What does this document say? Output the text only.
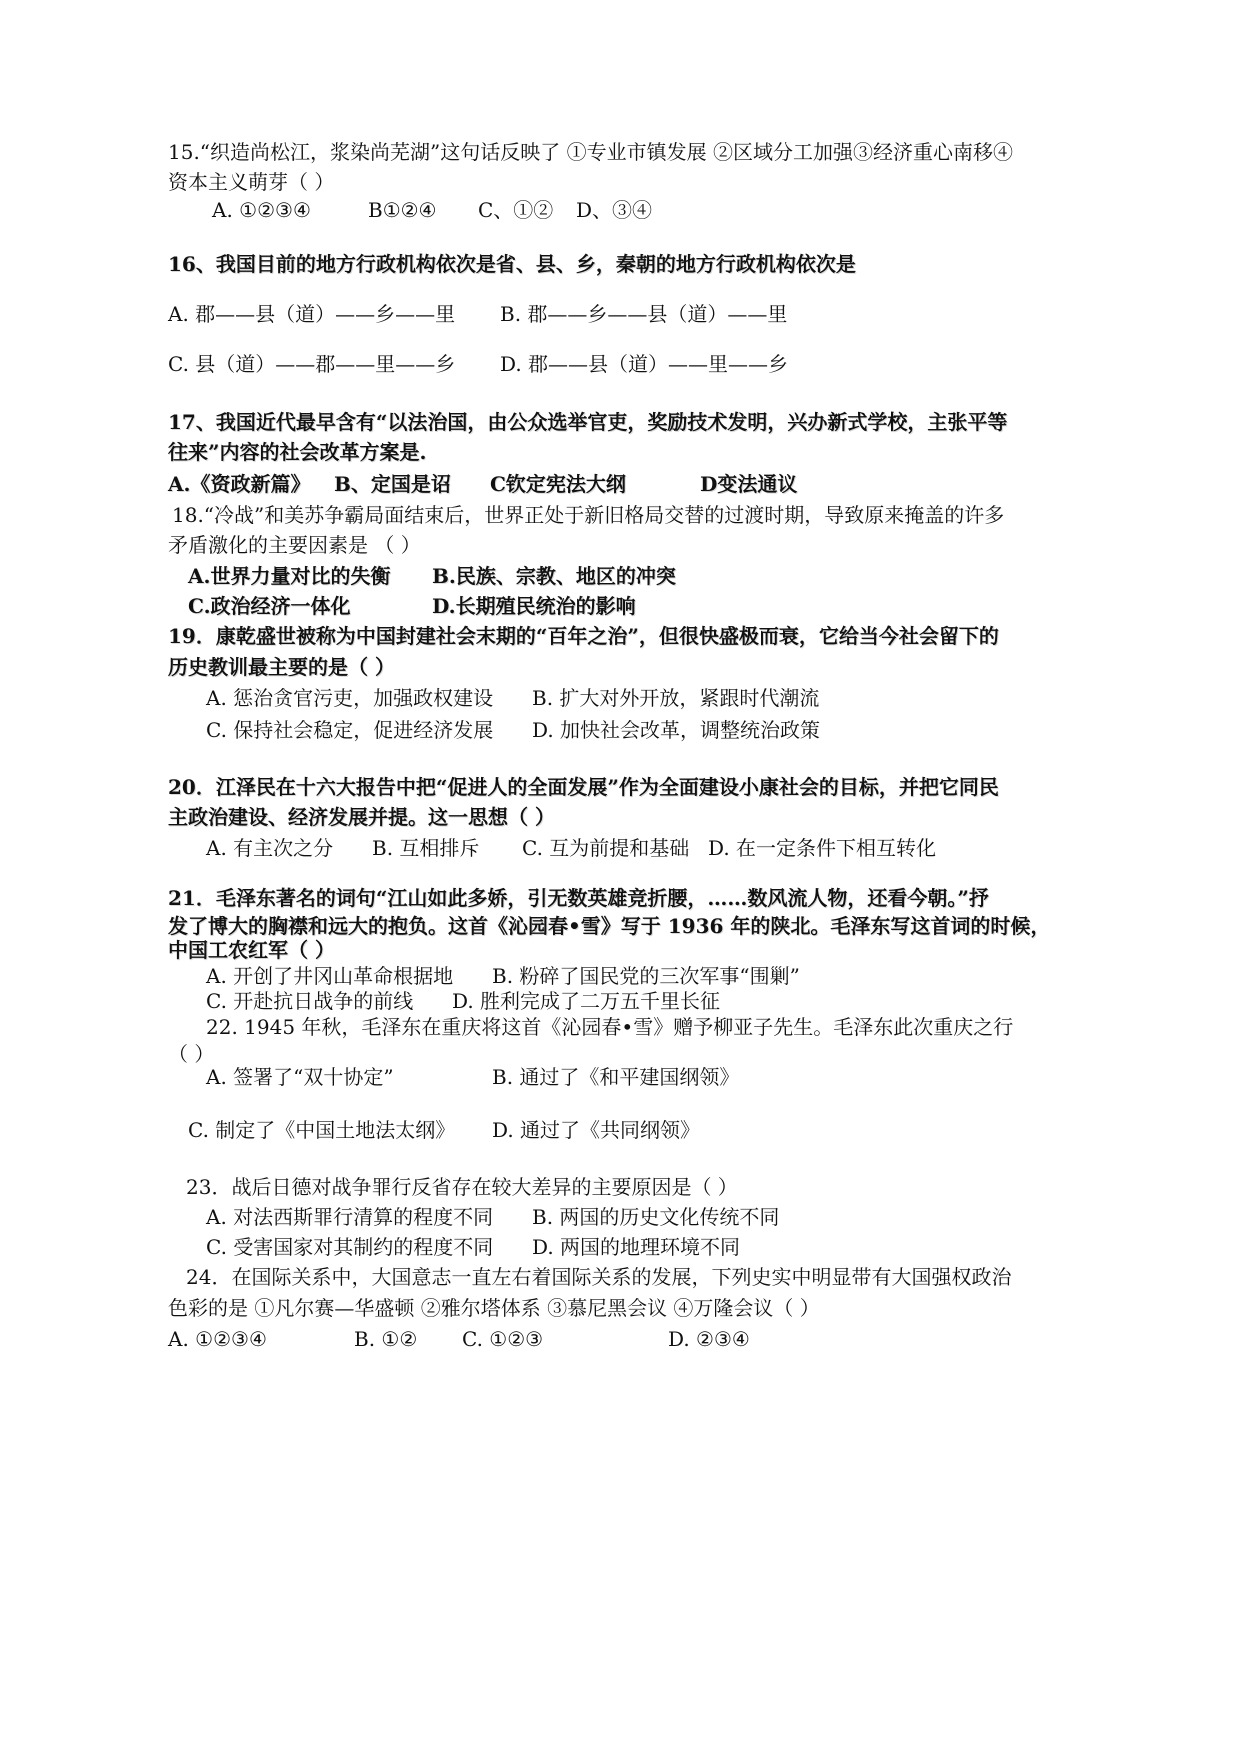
15.“织造尚松江，浆染尚芜湖”这句话反映了 ①专业市镇发展 ②区域分工加强③经济重心南移④
资本主义萌芽（ ）
A. ①②③④	B①②④ C、①② D、③④
16、我国目前的地方行政机构依次是省、县、乡，秦朝的地方行政机构依次是
A. 郡——县（道）——乡——里 B. 郡——乡——县（道）——里
C. 县（道）——郡——里——乡 D. 郡——县（道）——里——乡
17、我国近代最早含有“以法治国，由公众选举官吏，奖励技术发明，兴办新式学校，主张平等
往来”内容的社会改革方案是.
A.《资政新篇》 B、定国是诏 C钦定宪法大纲	D变法通议
18.“冷战”和美苏争霸局面结束后，世界正处于新旧格局交替的过渡时期，导致原来掩盖的许多
矛盾激化的主要因素是 （ ）
A.世界力量对比的失衡 B.民族、宗教、地区的冲突
C.政治经济一体化	D.长期殖民统治的影响
19．康乾盛世被称为中国封建社会末期的“百年之治”，但很快盛极而衰，它给当今社会留下的
历史教训最主要的是（ ）
A. 惩治贪官污吏，加强政权建设 B. 扩大对外开放，紧跟时代潮流
C. 保持社会稳定，促进经济发展 D. 加快社会改革，调整统治政策
20．江泽民在十六大报告中把“促进人的全面发展”作为全面建设小康社会的目标，并把它同民
主政治建设、经济发展并提。这一思想（ ）
A. 有主次之分 B. 互相排斥 C. 互为前提和基础 D. 在一定条件下相互转化
21．毛泽东著名的词句“江山如此多娇，引无数英雄竞折腰，……数风流人物，还看今朝。”抒
发了博大的胸襟和远大的抱负。这首《沁园春•雪》写于 1936 年的陕北。毛泽东写这首词的时候，
中国工农红军（ ）
A. 开创了井冈山革命根据地 B. 粉碎了国民党的三次军事“围剿”
C. 开赴抗日战争的前线 D. 胜利完成了二万五千里长征
22. 1945 年秋，毛泽东在重庆将这首《沁园春•雪》赠予柳亚子先生。毛泽东此次重庆之行
（ ）
A. 签署了“双十协定”	B. 通过了《和平建国纲领》
C. 制定了《中国土地法太纲》 D. 通过了《共同纲领》
23．战后日德对战争罪行反省存在较大差异的主要原因是（ ）
A. 对法西斯罪行清算的程度不同 B. 两国的历史文化传统不同
C. 受害国家对其制约的程度不同 D. 两国的地理环境不同
24．在国际关系中，大国意志一直左右着国际关系的发展，下列史实中明显带有大国强权政治
色彩的是 ①凡尔赛—华盛顿 ②雅尔塔体系 ③慕尼黑会议 ④万隆会议（ ）
A. ①②③④	B. ①② C. ①②③	D. ②③④
